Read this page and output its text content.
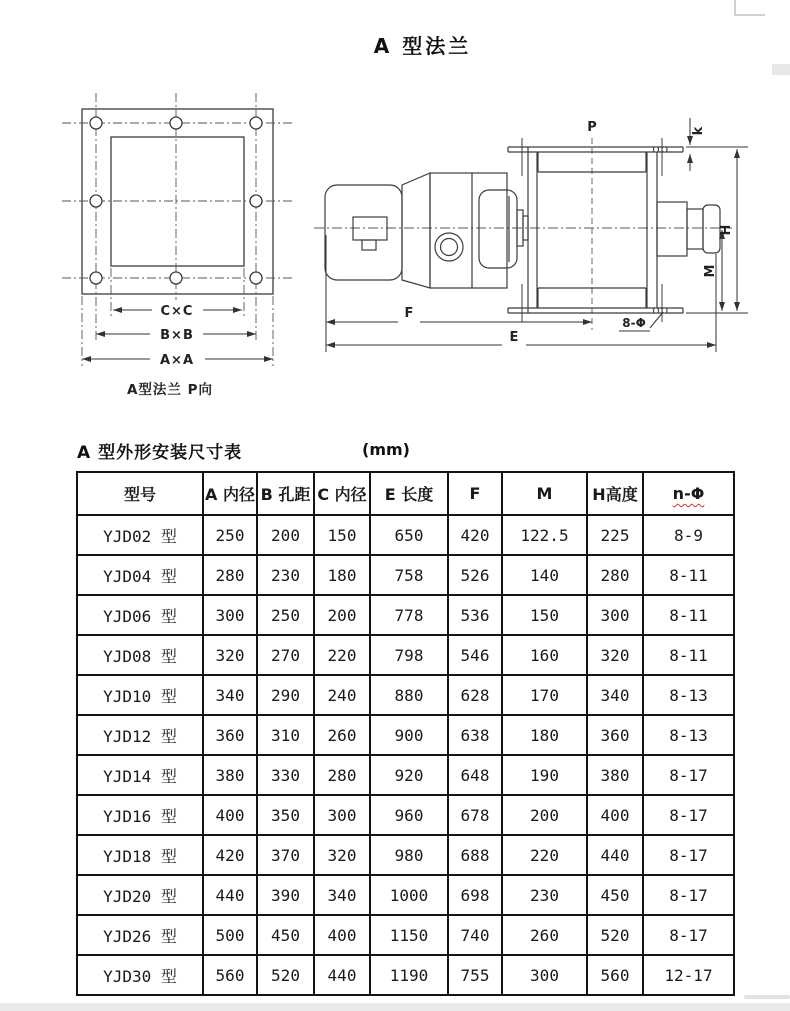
A 型法兰
C×C
B×B
A×A
A型法兰 P向
P	k
H
M
F
E
8-Φ
A 型外形安装尺寸表	(mm)
型号	A 内径	B 孔距	C 内径	E 长度	F	M	H高度	n-Φ
YJD02 型	250	200	150	650	420	122.5	225	8-9
YJD04 型	280	230	180	758	526	140	280	8-11
YJD06 型	300	250	200	778	536	150	300	8-11
YJD08 型	320	270	220	798	546	160	320	8-11
YJD10 型	340	290	240	880	628	170	340	8-13
YJD12 型	360	310	260	900	638	180	360	8-13
YJD14 型	380	330	280	920	648	190	380	8-17
YJD16 型	400	350	300	960	678	200	400	8-17
YJD18 型	420	370	320	980	688	220	440	8-17
YJD20 型	440	390	340	1000	698	230	450	8-17
YJD26 型	500	450	400	1150	740	260	520	8-17
YJD30 型	560	520	440	1190	755	300	560	12-17
